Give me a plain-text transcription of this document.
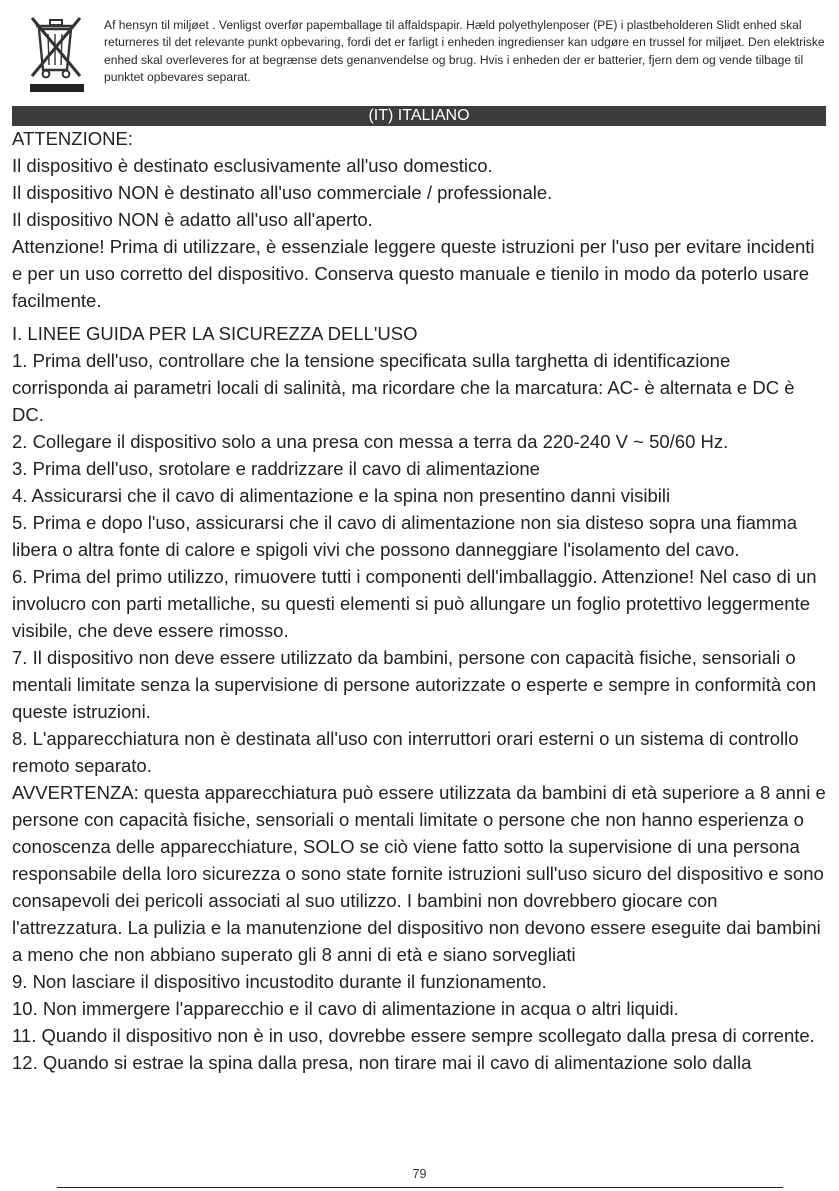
Af hensyn til miljøet . Venligst overfør papemballage til affaldspapir. Hæld polyethylenposer (PE) i plastbeholderen Slidt enhed skal returneres til det relevante punkt opbevaring, fordi det er farligt i enheden ingredienser kan udgøre en trussel for miljøet. Den elektriske enhed skal overleveres for at begrænse dets genanvendelse og brug. Hvis i enheden der er batterier, fjern dem og vende tilbage til punktet opbevares separat.

(IT) ITALIANO

ATTENZIONE:

Il dispositivo è destinato esclusivamente all'uso domestico.

Il dispositivo NON è destinato all'uso commerciale / professionale.

Il dispositivo NON è adatto all'uso all'aperto.

Attenzione! Prima di utilizzare, è essenziale leggere queste istruzioni per l'uso per evitare incidenti e per un uso corretto del dispositivo. Conserva questo manuale e tienilo in modo da poterlo usare facilmente.

I. LINEE GUIDA PER LA SICUREZZA DELL'USO

1. Prima dell'uso, controllare che la tensione specificata sulla targhetta di identificazione corrisponda ai parametri locali di salinità, ma ricordare che la marcatura: AC- è alternata e DC è DC.

2. Collegare il dispositivo solo a una presa con messa a terra da 220-240 V ~ 50/60 Hz.

3. Prima dell'uso, srotolare e raddrizzare il cavo di alimentazione

4. Assicurarsi che il cavo di alimentazione e la spina non presentino danni visibili

5. Prima e dopo l'uso, assicurarsi che il cavo di alimentazione non sia disteso sopra una fiamma libera o altra fonte di calore e spigoli vivi che possono danneggiare l'isolamento del cavo.

6. Prima del primo utilizzo, rimuovere tutti i componenti dell'imballaggio. Attenzione! Nel caso di un involucro con parti metalliche, su questi elementi si può allungare un foglio protettivo leggermente visibile, che deve essere rimosso.

7. Il dispositivo non deve essere utilizzato da bambini, persone con capacità fisiche, sensoriali o mentali limitate senza la supervisione di persone autorizzate o esperte e sempre in conformità con queste istruzioni.

8. L'apparecchiatura non è destinata all'uso con interruttori orari esterni o un sistema di controllo remoto separato.

AVVERTENZA: questa apparecchiatura può essere utilizzata da bambini di età superiore a 8 anni e persone con capacità fisiche, sensoriali o mentali limitate o persone che non hanno esperienza o conoscenza delle apparecchiature, SOLO se ciò viene fatto sotto la supervisione di una persona responsabile della loro sicurezza o sono state fornite istruzioni sull'uso sicuro del dispositivo e sono consapevoli dei pericoli associati al suo utilizzo. I bambini non dovrebbero giocare con l'attrezzatura. La pulizia e la manutenzione del dispositivo non devono essere eseguite dai bambini a meno che non abbiano superato gli 8 anni di età e siano sorvegliati

9. Non lasciare il dispositivo incustodito durante il funzionamento.

10. Non immergere l'apparecchio e il cavo di alimentazione in acqua o altri liquidi.

11. Quando il dispositivo non è in uso, dovrebbe essere sempre scollegato dalla presa di corrente.

12. Quando si estrae la spina dalla presa, non tirare mai il cavo di alimentazione solo dalla

79
